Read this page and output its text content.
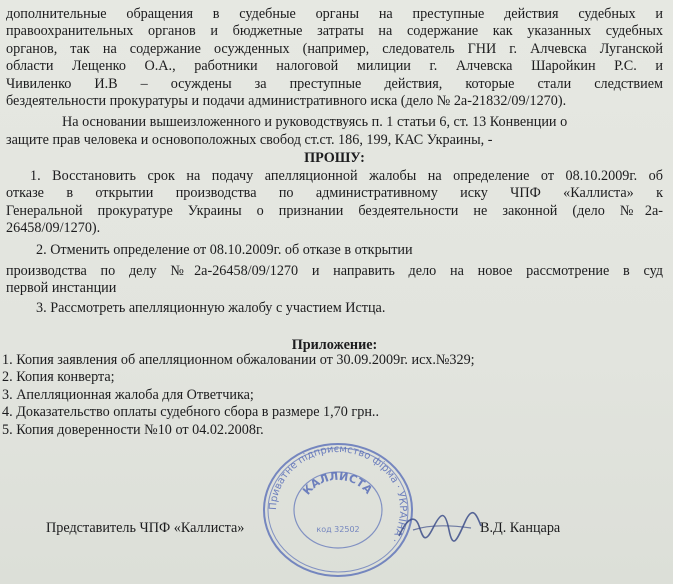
дополнительные обращения в судебные органы на преступные действия судебных и
правоохранительных органов и бюджетные затраты на содержание как указанных судебных
органов, так на содержание осужденных (например, следователь ГНИ г. Алчевска Луганской
области Лещенко О.А., работники налоговой милиции г. Алчевска Шаройкин Р.С. и
Чивиленко И.В – осуждены за преступные действия, которые стали следствием
бездеятельности прокуратуры и подачи административного иска (дело № 2а-21832/09/1270).
На основании вышеизложенного и руководствуясь п. 1 статьи 6, ст. 13 Конвенции о
защите прав человека и основоположных свобод ст.ст. 186, 199, КАС Украины, -
ПРОШУ:
1. Восстановить срок на подачу апелляционной жалобы на определение от 08.10.2009г. об
отказе в открытии производства по административному иску ЧПФ «Каллиста» к
Генеральной прокуратуре Украины о признании бездеятельности не законной (дело №2а-
26458/09/1270).
2. Отменить определение от 08.10.2009г. об отказе в открытии
производства по делу №2а-26458/09/1270 и направить дело на новое рассмотрение в суд
первой инстанции
3. Рассмотреть апелляционную жалобу с участием Истца.
Приложение:
1. Копия заявления об апелляционном обжаловании от 30.09.2009г. исх.№329;
2. Копия конверта;
3. Апелляционная жалоба для Ответчика;
4. Доказательство оплаты судебного сбора в размере 1,70 грн..
5. Копия доверенности №10 от 04.02.2008г.
Приватне підприємство фірма · УКРАЇНА ·
КАЛЛИСТА
код 32502
Представитель ЧПФ «Каллиста»	В.Д. Канцара
